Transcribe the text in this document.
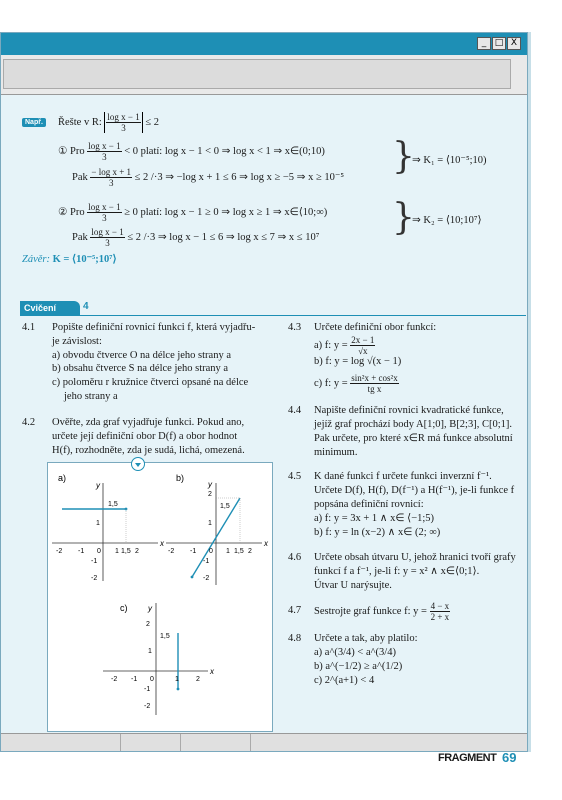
_ □ X
Např. Řešte v R: $\frac{\text{log x − 1}}{3} \le 2$
① Pro $\frac{\text{log x − 1}}{3} < 0$ platí: log x − 1 < 0 ⇒ log x < 1 ⇒ x∈(0;10)
Pak $\frac{\text{− log x + 1}}{3} \le 2$ /·3 ⇒ −log x + 1 ≤ 6 ⇒ log x ≥ −5 ⇒ x ≥ 10⁻⁵
}
⇒ K₁ = ⟨10⁻⁵;10)
② Pro $\frac{\text{log x − 1}}{3} \ge 0$ platí: log x − 1 ≥ 0 ⇒ log x ≥ 1 ⇒ x∈⟨10;∞)
Pak $\frac{\text{log x − 1}}{3} \le 2$ /·3 ⇒ log x − 1 ≤ 6 ⇒ log x ≤ 7 ⇒ x ≤ 10⁷ }
⇒ K₂ = ⟨10;10⁷⟩
Závěr: K = ⟨10⁻⁵;10⁷⟩
Cvičení	4
4.1 Popište definiční rovnicí funkci f, která vyjadřu-
je závislost:
a) obvodu čtverce O na délce jeho strany a
b) obsahu čtverce S na délce jeho strany a
c) poloměru r kružnice čtverci opsané na délce
jeho strany a
4.2 Ověřte, zda graf vyjadřuje funkci. Pokud ano,
určete její definiční obor D(f) a obor hodnot
H(f), rozhodněte, zda je sudá, lichá, omezená.
a)
x
y
-2 -1 0 1 1,5 2
1,5
1
-1
-2
b)
x
y
-2 -1 0 1 1,5 2
2
1,5
1
-1
-2
c)
x
y
-2 -1 0	1 2
2
1,5
1
-1
-2
4.3 Určete definiční obor funkcí:
a) f: $y = \frac{2x - 1}{√x}$
b) f: y = log √(x − 1)
c) f: $y = \frac{\text{sin²x + cos²x}}{\text{tg x}}$
4.4 Napište definiční rovnici kvadratické funkce,
jejíž graf prochází body A[1;0], B[2;3], C[0;1].
Pak určete, pro které x∈R má funkce absolutní
minimum.
4.5 K dané funkci f určete funkci inverzní f⁻¹.
Určete D(f), H(f), D(f⁻¹) a H(f⁻¹), je-li funkce f
popsána definiční rovnicí:
a) f: y = 3x + 1 ∧ x∈ ⟨−1;5)
b) f: y = ln (x−2) ∧ x∈ (2; ∞)
4.6 Určete obsah útvaru U, jehož hranici tvoří grafy
funkcí f a f⁻¹, je-li f: y = x² ∧ x∈⟨0;1⟩.
Útvar U narýsujte.
4.7 Sestrojte graf funkce f: $y = \frac{4 - x}{2 + x}$
4.8 Určete a tak, aby platilo:
a) a^(3/4) < a^(3/4)
b) a^(−1/2) ≥ a^(1/2)
c) 2^(a+1) < 4
FRAGMENT 69
